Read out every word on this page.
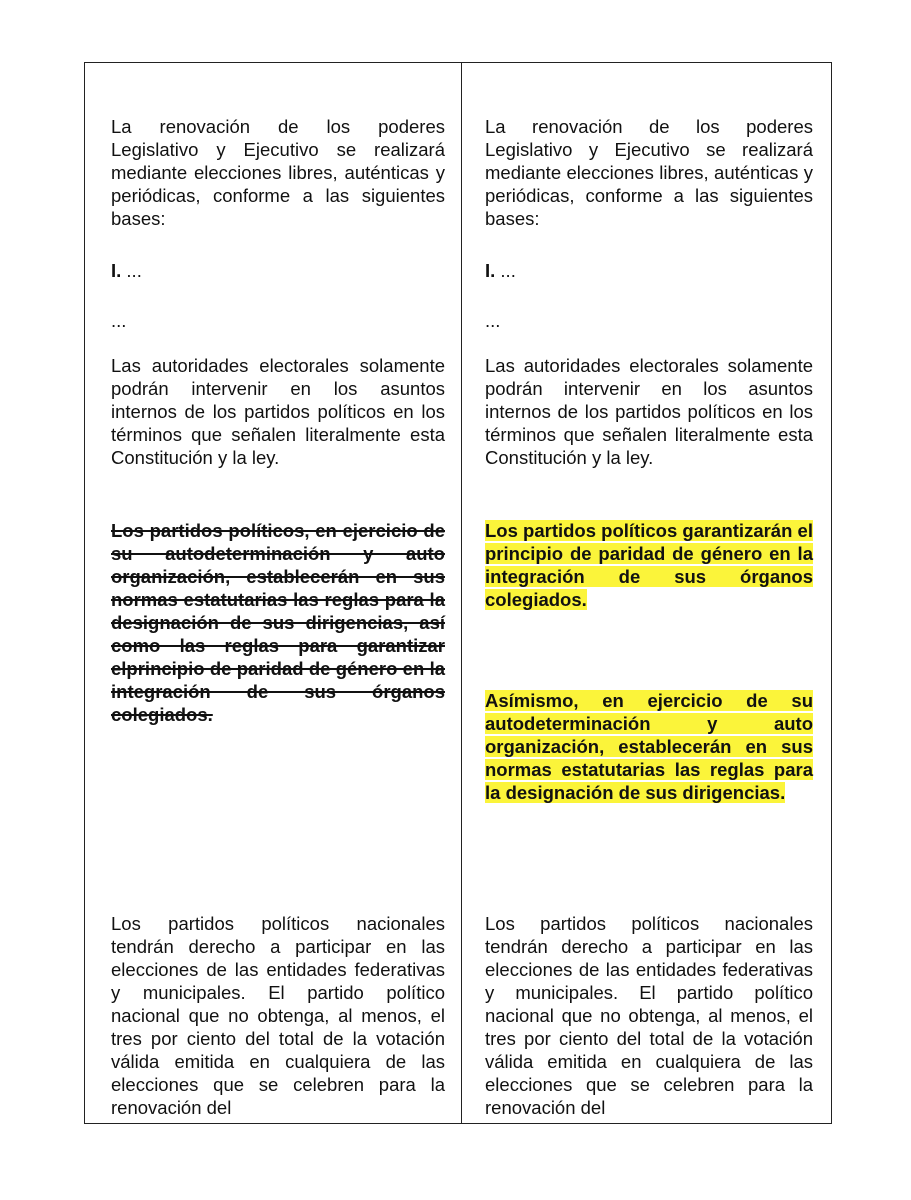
La renovación de los poderes Legislativo y Ejecutivo se realizará mediante elecciones libres, auténticas y periódicas, conforme a las siguientes bases:

I. ...

...

Las autoridades electorales solamente podrán intervenir en los asuntos internos de los partidos políticos en los términos que señalen literalmente esta Constitución y la ley.

Los partidos políticos, en ejercicio de su autodeterminación y auto organización, establecerán en sus normas estatutarias las reglas para la designación de sus dirigencias, así como las reglas para garantizar elprincipio de paridad de género en la integración de sus órganos colegiados.

Los partidos políticos nacionales tendrán derecho a participar en las elecciones de las entidades federativas y municipales. El partido político nacional que no obtenga, al menos, el tres por ciento del total de la votación válida emitida en cualquiera de las elecciones que se celebren para la renovación del

La renovación de los poderes Legislativo y Ejecutivo se realizará mediante elecciones libres, auténticas y periódicas, conforme a las siguientes bases:

I. ...

...

Las autoridades electorales solamente podrán intervenir en los asuntos internos de los partidos políticos en los términos que señalen literalmente esta Constitución y la ley.

Los partidos políticos garantizarán el principio de paridad de género en la integración de sus órganos colegiados.

Asímismo, en ejercicio de su autodeterminación y auto organización, establecerán en sus normas estatutarias las reglas para la designación de sus dirigencias.

Los partidos políticos nacionales tendrán derecho a participar en las elecciones de las entidades federativas y municipales. El partido político nacional que no obtenga, al menos, el tres por ciento del total de la votación válida emitida en cualquiera de las elecciones que se celebren para la renovación del
